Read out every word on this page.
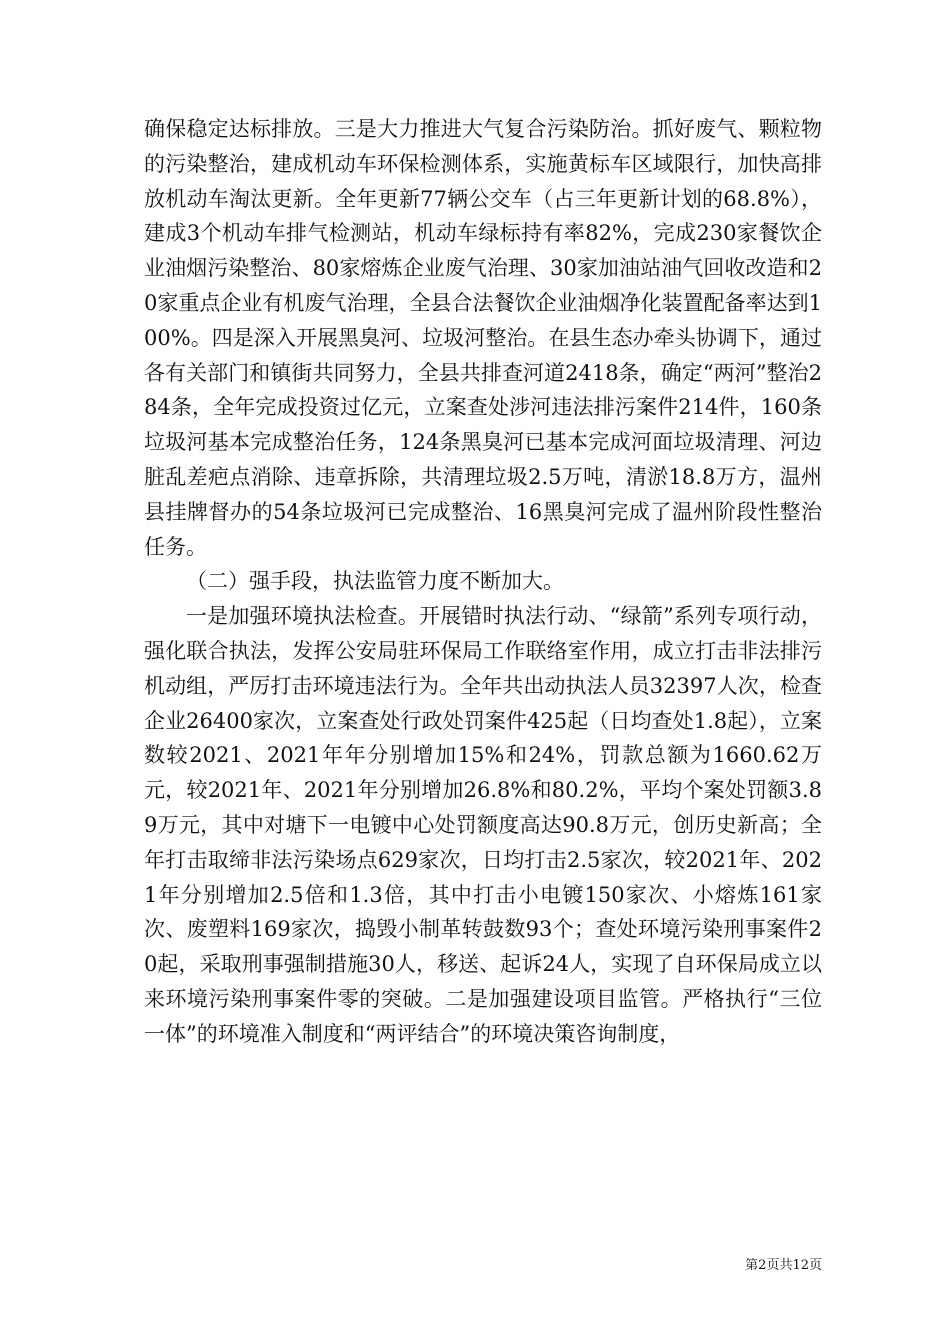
确保稳定达标排放。三是大力推进大气复合污染防治。抓好废气、颗粒物的污染整治，建成机动车环保检测体系，实施黄标车区域限行，加快高排放机动车淘汰更新。全年更新77辆公交车（占三年更新计划的68.8%），建成3个机动车排气检测站，机动车绿标持有率82%，完成230家餐饮企业油烟污染整治、80家熔炼企业废气治理、30家加油站油气回收改造和20家重点企业有机废气治理，全县合法餐饮企业油烟净化装置配备率达到100%。四是深入开展黑臭河、垃圾河整治。在县生态办牵头协调下，通过各有关部门和镇街共同努力，全县共排查河道2418条，确定“两河”整治284条，全年完成投资过亿元，立案查处涉河违法排污案件214件，160条垃圾河基本完成整治任务，124条黑臭河已基本完成河面垃圾清理、河边脏乱差疤点消除、违章拆除，共清理垃圾2.5万吨，清淤18.8万方，温州县挂牌督办的54条垃圾河已完成整治、16黑臭河完成了温州阶段性整治任务。

（二）强手段，执法监管力度不断加大。

一是加强环境执法检查。开展错时执法行动、“绿箭”系列专项行动，强化联合执法，发挥公安局驻环保局工作联络室作用，成立打击非法排污机动组，严厉打击环境违法行为。全年共出动执法人员32397人次，检查企业26400家次，立案查处行政处罚案件425起（日均查处1.8起），立案数较2021、2021年年分别增加15%和24%，罚款总额为1660.62万元，较2021年、2021年分别增加26.8%和80.2%，平均个案处罚额3.89万元，其中对塘下一电镀中心处罚额度高达90.8万元，创历史新高；全年打击取缔非法污染场点629家次，日均打击2.5家次，较2021年、2021年分别增加2.5倍和1.3倍，其中打击小电镀150家次、小熔炼161家次、废塑料169家次，捣毁小制革转鼓数93个；查处环境污染刑事案件20起，采取刑事强制措施30人，移送、起诉24人，实现了自环保局成立以来环境污染刑事案件零的突破。二是加强建设项目监管。严格执行“三位一体”的环境准入制度和“两评结合”的环境决策咨询制度，

第2页共12页
